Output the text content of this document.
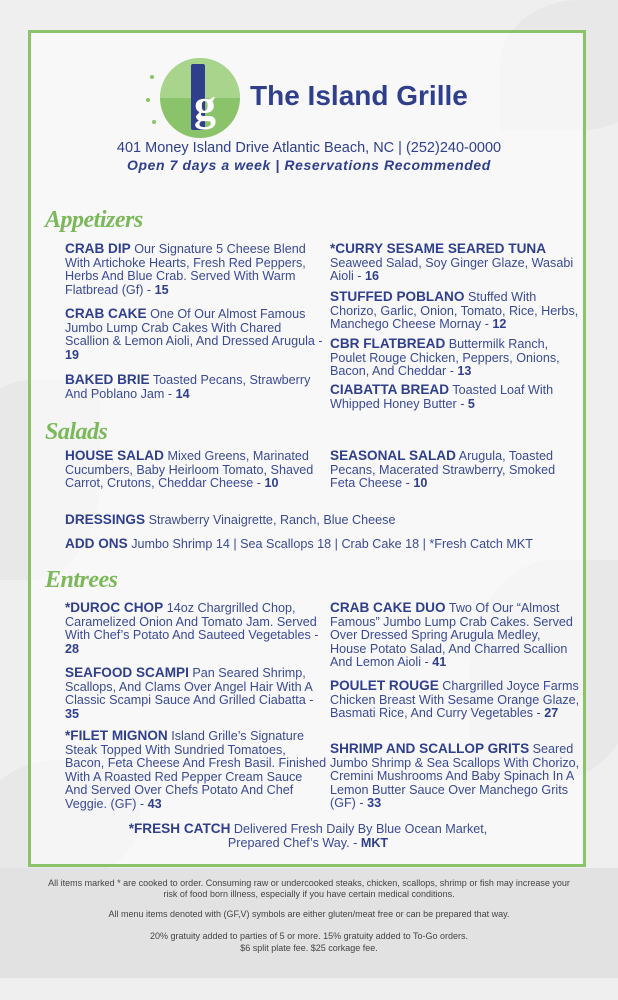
g The Island Grille
401 Money Island Drive Atlantic Beach, NC | (252)240-0000
Open 7 days a week | Reservations Recommended
Appetizers
CRAB DIP Our Signature 5 Cheese Blend With Artichoke Hearts, Fresh Red Peppers, Herbs And Blue Crab. Served With Warm Flatbread (Gf) - 15
CRAB CAKE One Of Our Almost Famous Jumbo Lump Crab Cakes With Chared Scallion & Lemon Aioli, And Dressed Arugula - 19
BAKED BRIE Toasted Pecans, Strawberry And Poblano Jam - 14
*CURRY SESAME SEARED TUNA Seaweed Salad, Soy Ginger Glaze, Wasabi Aioli - 16
STUFFED POBLANO Stuffed With Chorizo, Garlic, Onion, Tomato, Rice, Herbs, Manchego Cheese Mornay - 12
CBR FLATBREAD Buttermilk Ranch, Poulet Rouge Chicken, Peppers, Onions, Bacon, And Cheddar - 13
CIABATTA BREAD Toasted Loaf With Whipped Honey Butter - 5
Salads
HOUSE SALAD Mixed Greens, Marinated Cucumbers, Baby Heirloom Tomato, Shaved Carrot, Crutons, Cheddar Cheese - 10
SEASONAL SALAD Arugula, Toasted Pecans, Macerated Strawberry, Smoked Feta Cheese - 10
DRESSINGS Strawberry Vinaigrette, Ranch, Blue Cheese
ADD ONS Jumbo Shrimp 14 | Sea Scallops 18 | Crab Cake 18 | *Fresh Catch MKT
Entrees
*DUROC CHOP 14oz Chargrilled Chop, Caramelized Onion And Tomato Jam. Served With Chef’s Potato And Sauteed Vegetables - 28
SEAFOOD SCAMPI Pan Seared Shrimp, Scallops, And Clams Over Angel Hair With A Classic Scampi Sauce And Grilled Ciabatta - 35
*FILET MIGNON Island Grille’s Signature Steak Topped With Sundried Tomatoes, Bacon, Feta Cheese And Fresh Basil. Finished With A Roasted Red Pepper Cream Sauce And Served Over Chefs Potato And Chef Veggie. (GF) - 43
CRAB CAKE DUO Two Of Our “Almost Famous” Jumbo Lump Crab Cakes. Served Over Dressed Spring Arugula Medley, House Potato Salad, And Charred Scallion And Lemon Aioli - 41
POULET ROUGE Chargrilled Joyce Farms Chicken Breast With Sesame Orange Glaze, Basmati Rice, And Curry Vegetables - 27
SHRIMP AND SCALLOP GRITS Seared Jumbo Shrimp & Sea Scallops With Chorizo, Cremini Mushrooms And Baby Spinach In A Lemon Butter Sauce Over Manchego Grits (GF) - 33
*FRESH CATCH Delivered Fresh Daily By Blue Ocean Market,
Prepared Chef’s Way. - MKT
All items marked * are cooked to order. Consuming raw or undercooked steaks, chicken, scallops, shrimp or fish may increase your risk of food born illness, especially if you have certain medical conditions.
All menu items denoted with (GF,V) symbols are either gluten/meat free or can be prepared that way.
20% gratuity added to parties of 5 or more. 15% gratuity added to To-Go orders.
$6 split plate fee. $25 corkage fee.
